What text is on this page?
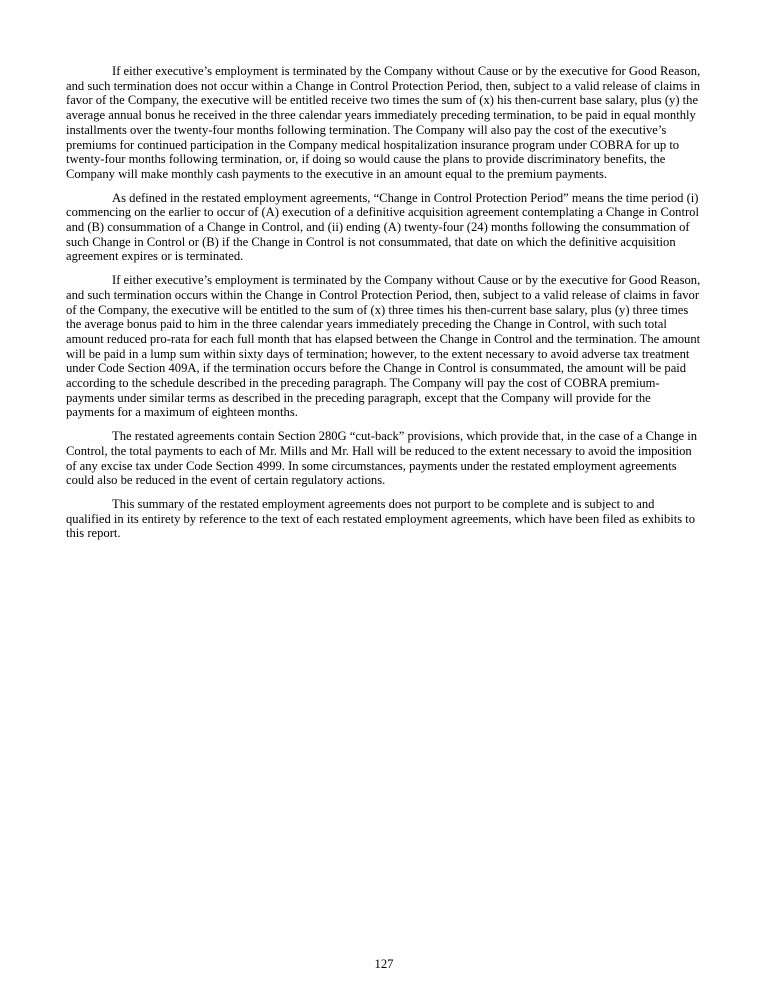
If either executive’s employment is terminated by the Company without Cause or by the executive for Good Reason, and such termination does not occur within a Change in Control Protection Period, then, subject to a valid release of claims in favor of the Company, the executive will be entitled receive two times the sum of (x) his then-current base salary, plus (y) the average annual bonus he received in the three calendar years immediately preceding termination, to be paid in equal monthly installments over the twenty-four months following termination. The Company will also pay the cost of the executive’s premiums for continued participation in the Company medical hospitalization insurance program under COBRA for up to twenty-four months following termination, or, if doing so would cause the plans to provide discriminatory benefits, the Company will make monthly cash payments to the executive in an amount equal to the premium payments.

As defined in the restated employment agreements, “Change in Control Protection Period” means the time period (i) commencing on the earlier to occur of (A) execution of a definitive acquisition agreement contemplating a Change in Control and (B) consummation of a Change in Control, and (ii) ending (A) twenty-four (24) months following the consummation of such Change in Control or (B) if the Change in Control is not consummated, that date on which the definitive acquisition agreement expires or is terminated.

If either executive’s employment is terminated by the Company without Cause or by the executive for Good Reason, and such termination occurs within the Change in Control Protection Period, then, subject to a valid release of claims in favor of the Company, the executive will be entitled to the sum of (x) three times his then-current base salary, plus (y) three times the average bonus paid to him in the three calendar years immediately preceding the Change in Control, with such total amount reduced pro-rata for each full month that has elapsed between the Change in Control and the termination. The amount will be paid in a lump sum within sixty days of termination; however, to the extent necessary to avoid adverse tax treatment under Code Section 409A, if the termination occurs before the Change in Control is consummated, the amount will be paid according to the schedule described in the preceding paragraph. The Company will pay the cost of COBRA premium-payments under similar terms as described in the preceding paragraph, except that the Company will provide for the payments for a maximum of eighteen months.

The restated agreements contain Section 280G “cut-back” provisions, which provide that, in the case of a Change in Control, the total payments to each of Mr. Mills and Mr. Hall will be reduced to the extent necessary to avoid the imposition of any excise tax under Code Section 4999. In some circumstances, payments under the restated employment agreements could also be reduced in the event of certain regulatory actions.

This summary of the restated employment agreements does not purport to be complete and is subject to and qualified in its entirety by reference to the text of each restated employment agreements, which have been filed as exhibits to this report.

127
